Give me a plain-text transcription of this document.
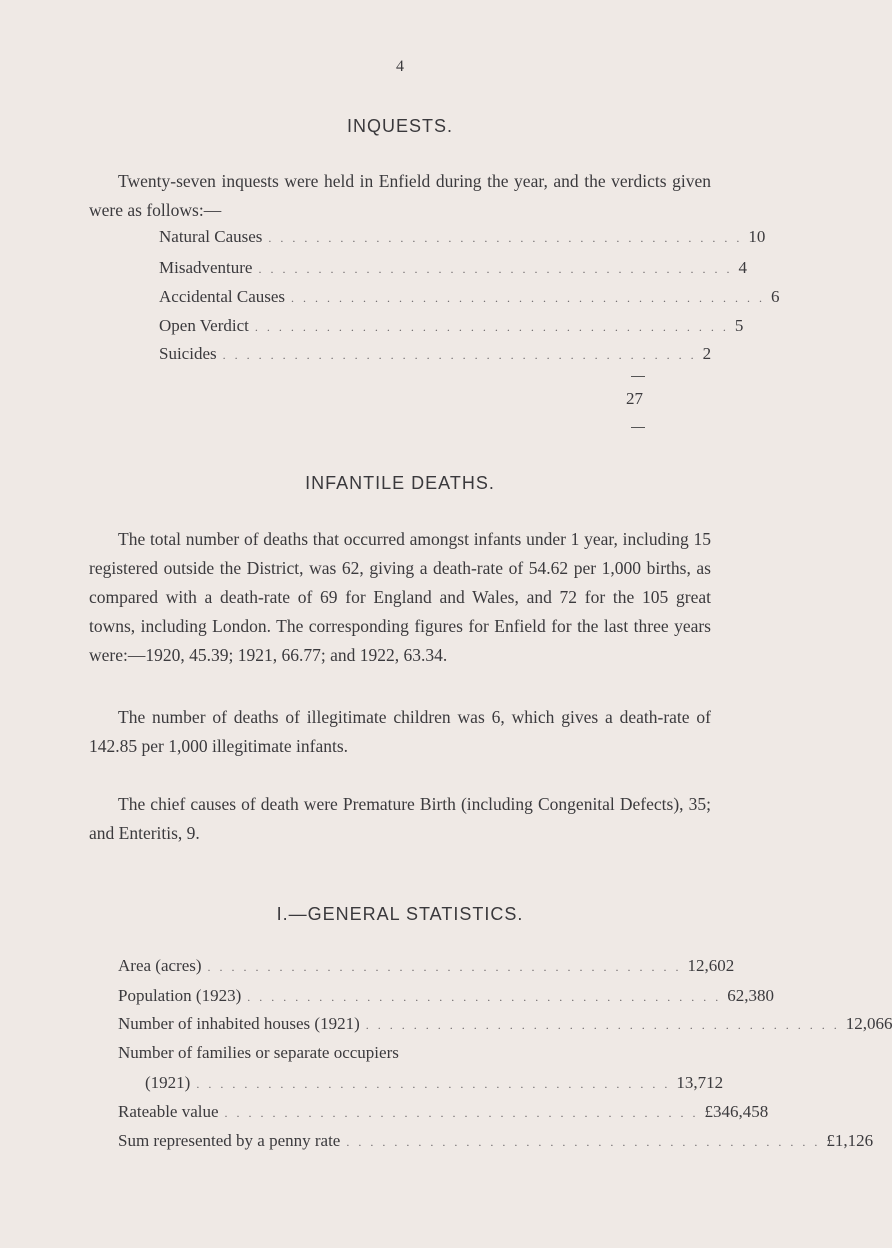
4
INQUESTS.

Twenty-seven inquests were held in Enfield during the year, and the verdicts given were as follows:—

Natural Causes . . . . . . . . . . . . . . . . . . . . . . . . . . . . . . . . . . . . . . . . 10
Misadventure . . . . . . . . . . . . . . . . . . . . . . . . . . . . . . . . . . . . . . . . 4
Accidental Causes . . . . . . . . . . . . . . . . . . . . . . . . . . . . . . . . . . . . . . . . 6
Open Verdict . . . . . . . . . . . . . . . . . . . . . . . . . . . . . . . . . . . . . . . . 5
Suicides . . . . . . . . . . . . . . . . . . . . . . . . . . . . . . . . . . . . . . . . 2
27
INFANTILE DEATHS.

The total number of deaths that occurred amongst infants under 1 year, including 15 registered outside the District, was 62, giving a death-rate of 54.62 per 1,000 births, as compared with a death-rate of 69 for England and Wales, and 72 for the 105 great towns, including London. The corresponding figures for Enfield for the last three years were:—1920, 45.39; 1921, 66.77; and 1922, 63.34.

The number of deaths of illegitimate children was 6, which gives a death-rate of 142.85 per 1,000 illegitimate infants.

The chief causes of death were Premature Birth (including Congenital Defects), 35; and Enteritis, 9.

I.—GENERAL STATISTICS.
Area (acres) . . . . . . . . . . . . . . . . . . . . . . . . . . . . . . . . . . . . . . . . 12,602
Population (1923) . . . . . . . . . . . . . . . . . . . . . . . . . . . . . . . . . . . . . . . . 62,380
Number of inhabited houses (1921) . . . . . . . . . . . . . . . . . . . . . . . . . . . . . . . . . . . . . . . . 12,066
Number of families or separate occupiers
(1921) . . . . . . . . . . . . . . . . . . . . . . . . . . . . . . . . . . . . . . . . 13,712
Rateable value . . . . . . . . . . . . . . . . . . . . . . . . . . . . . . . . . . . . . . . . £346,458
Sum represented by a penny rate . . . . . . . . . . . . . . . . . . . . . . . . . . . . . . . . . . . . . . . . £1,126
